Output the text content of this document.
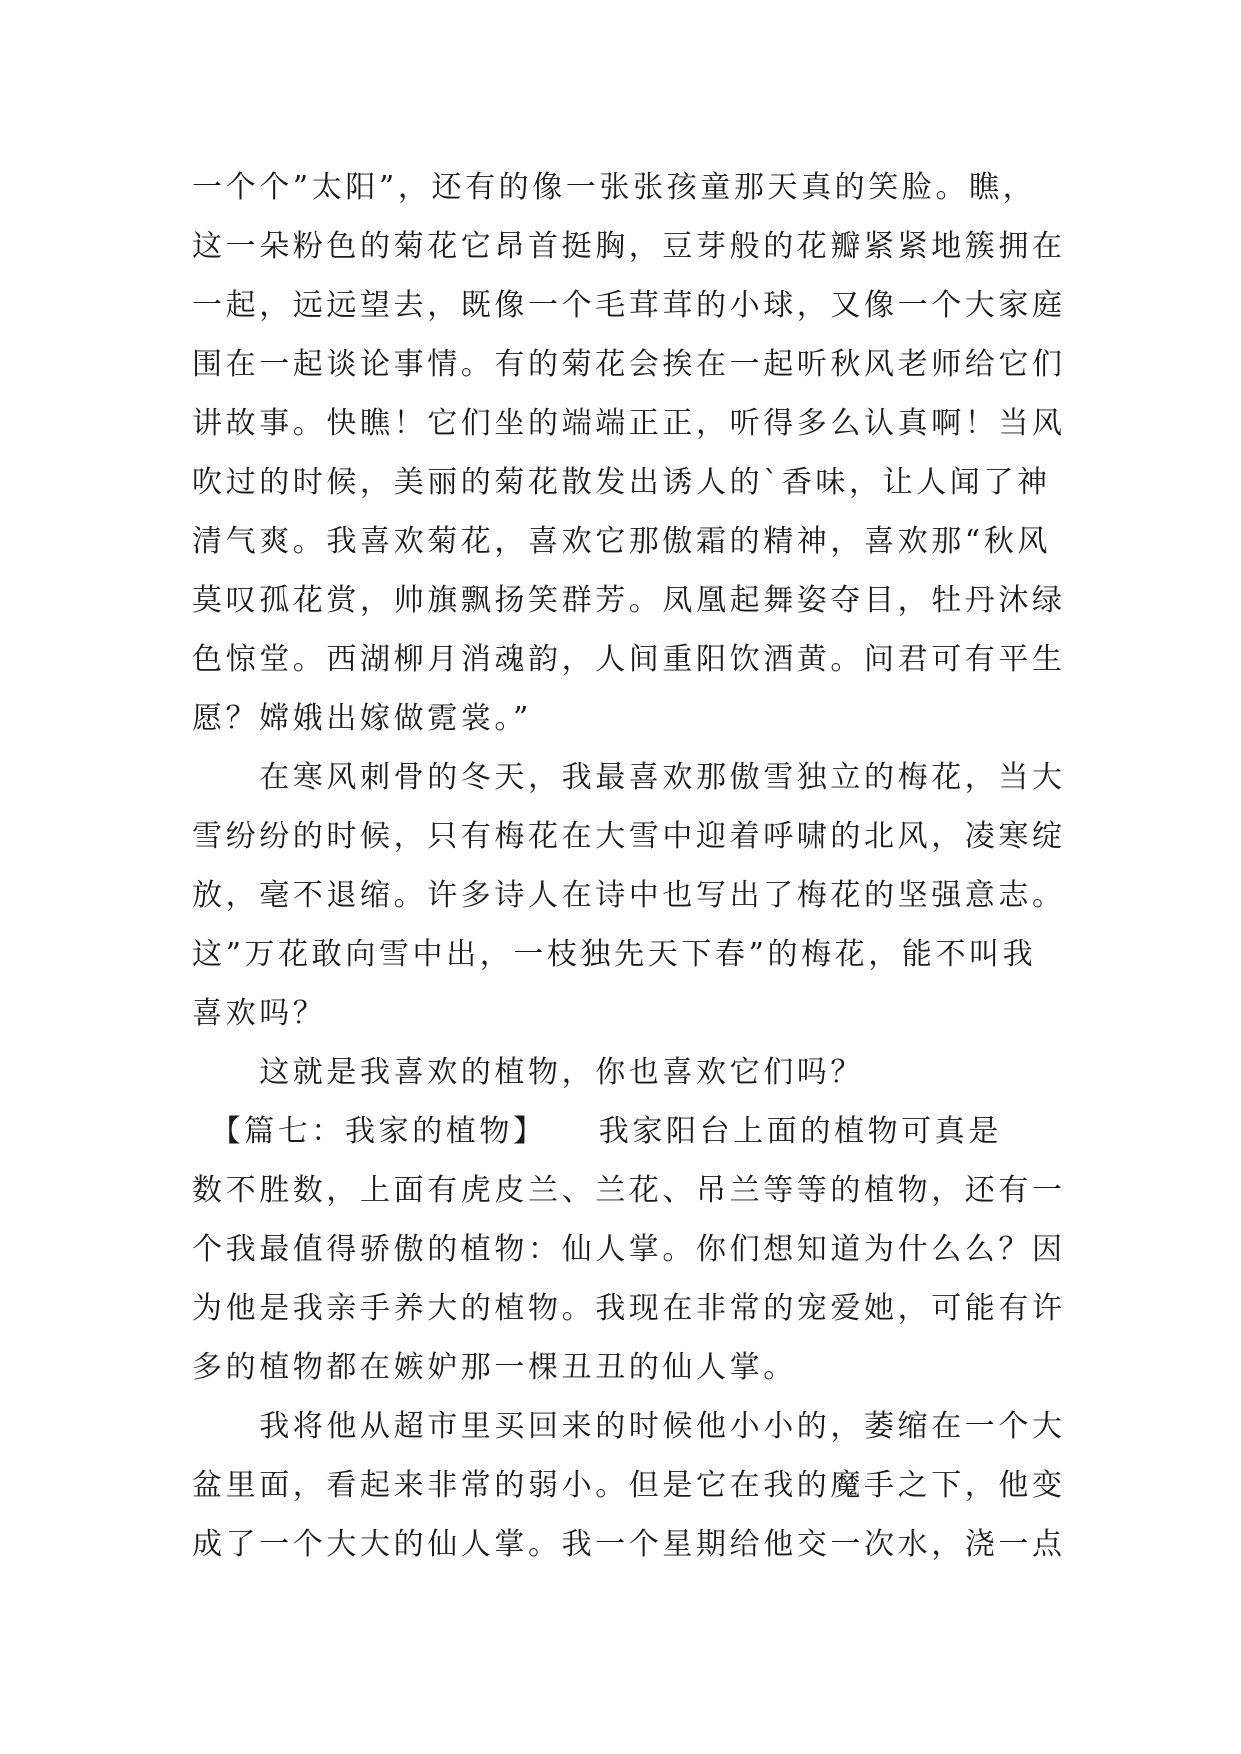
一个个”太阳”，还有的像一张张孩童那天真的笑脸。瞧，
这一朵粉色的菊花它昂首挺胸，豆芽般的花瓣紧紧地簇拥在
一起，远远望去，既像一个毛茸茸的小球，又像一个大家庭
围在一起谈论事情。有的菊花会挨在一起听秋风老师给它们
讲故事。快瞧！它们坐的端端正正，听得多么认真啊！当风
吹过的时候，美丽的菊花散发出诱人的`香味，让人闻了神
清气爽。我喜欢菊花，喜欢它那傲霜的精神，喜欢那“秋风
莫叹孤花赏，帅旗飘扬笑群芳。凤凰起舞姿夺目，牡丹沐绿
色惊堂。西湖柳月消魂韵，人间重阳饮酒黄。问君可有平生
愿？嫦娥出嫁做霓裳。”
　　在寒风刺骨的冬天，我最喜欢那傲雪独立的梅花，当大
雪纷纷的时候，只有梅花在大雪中迎着呼啸的北风，凌寒绽
放，毫不退缩。许多诗人在诗中也写出了梅花的坚强意志。
这”万花敢向雪中出，一枝独先天下春”的梅花，能不叫我
喜欢吗？
　　这就是我喜欢的植物，你也喜欢它们吗？
　【篇七：我家的植物】　　我家阳台上面的植物可真是
数不胜数，上面有虎皮兰、兰花、吊兰等等的植物，还有一
个我最值得骄傲的植物：仙人掌。你们想知道为什么么？因
为他是我亲手养大的植物。我现在非常的宠爱她，可能有许
多的植物都在嫉妒那一棵丑丑的仙人掌。
　　我将他从超市里买回来的时候他小小的，萎缩在一个大
盆里面，看起来非常的弱小。但是它在我的魔手之下，他变
成了一个大大的仙人掌。我一个星期给他交一次水，浇一点
